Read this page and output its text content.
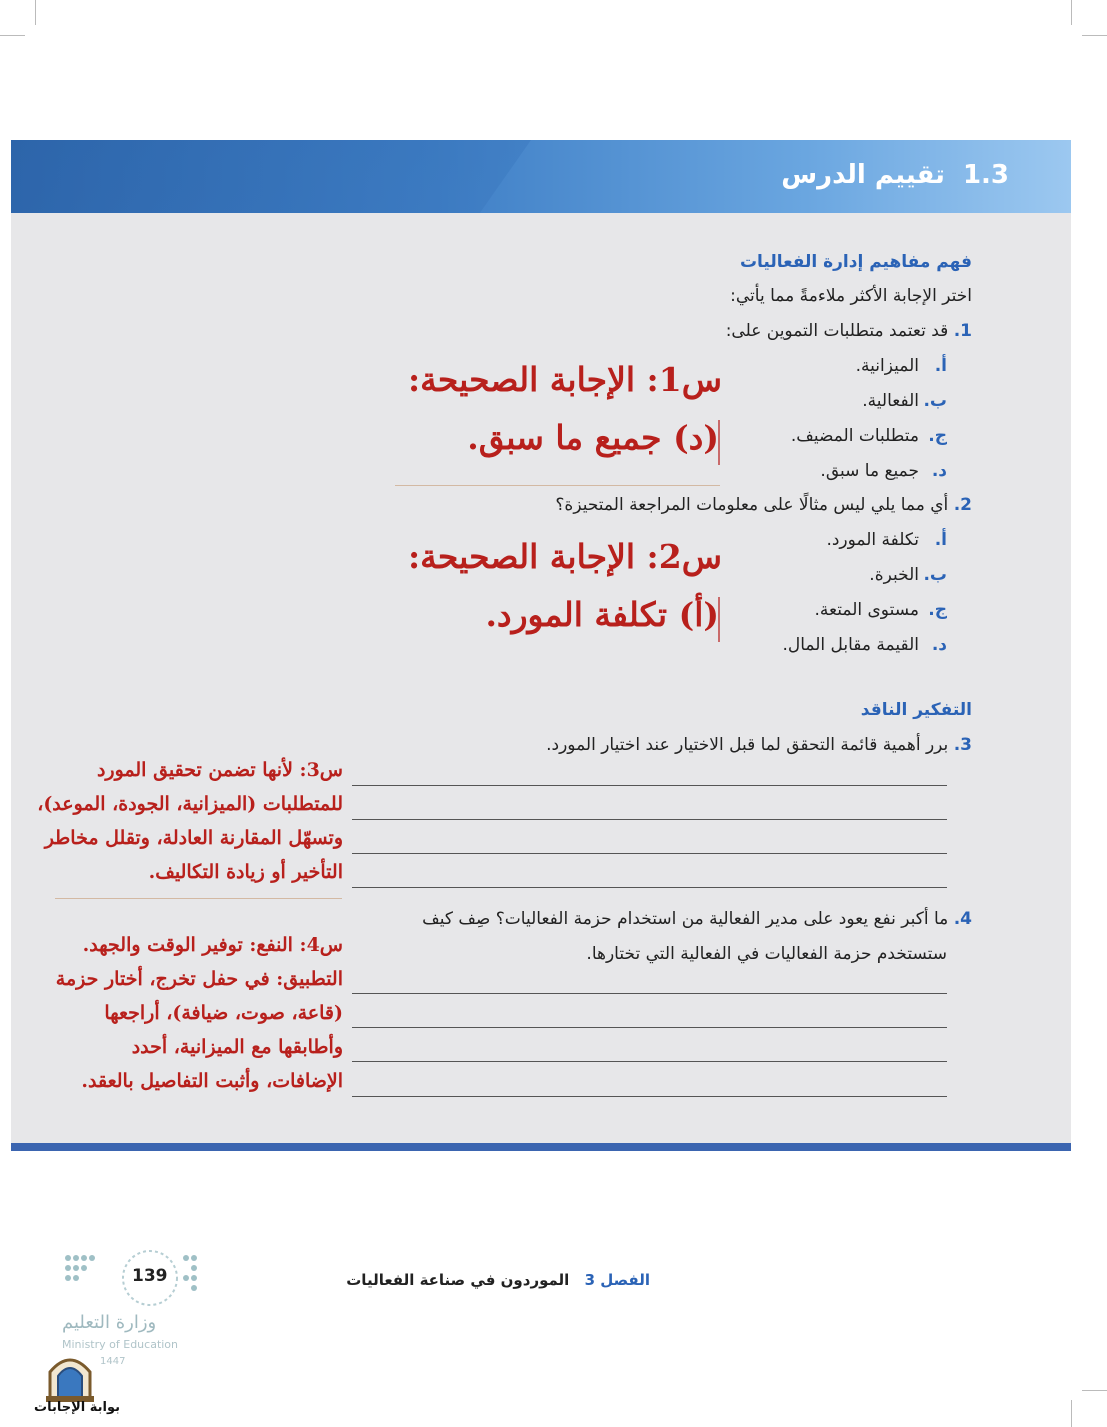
1.3تقييم الدرس
فهم مفاهيم إدارة الفعاليات
اختر الإجابة الأكثر ملاءمةً مما يأتي:
1. قد تعتمد متطلبات التموين على:
أ.الميزانية.
ب.الفعالية.
ج.متطلبات المضيف.
د.جميع ما سبق.
س1: الإجابة الصحيحة:
(د) جميع ما سبق.
2. أي مما يلي ليس مثالًا على معلومات المراجعة المتحيزة؟
أ.تكلفة المورد.
ب.الخبرة.
ج.مستوى المتعة.
د.القيمة مقابل المال.
س2: الإجابة الصحيحة:
(أ) تكلفة المورد.
التفكير الناقد
3. برر أهمية قائمة التحقق لما قبل الاختيار عند اختيار المورد.
س3: لأنها تضمن تحقيق المورد
للمتطلبات (الميزانية، الجودة، الموعد)،
وتسهّل المقارنة العادلة، وتقلل مخاطر
التأخير أو زيادة التكاليف.
4. ما أكبر نفع يعود على مدير الفعالية من استخدام حزمة الفعاليات؟ صِف كيف
ستستخدم حزمة الفعاليات في الفعالية التي تختارها.
س4: النفع: توفير الوقت والجهد.
التطبيق: في حفل تخرج، أختار حزمة
(قاعة، صوت، ضيافة)، أراجعها
وأطابقها مع الميزانية، أحدد
الإضافات، وأثبت التفاصيل بالعقد.
الفصل 3   الموردون في صناعة الفعاليات
139
وزارة التعليم
Ministry of Education
1447
بوابة الإجابات
